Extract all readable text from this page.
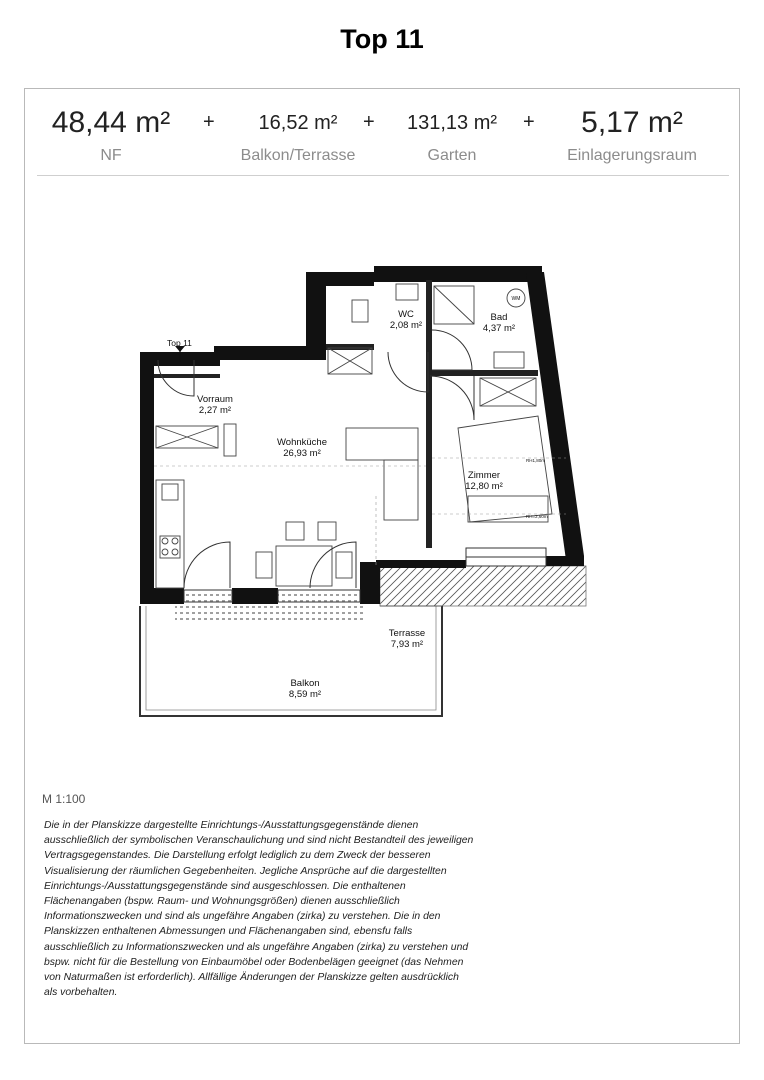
Top 11
48,44 m²
NF
+	16,52 m²
Balkon/Terrasse
+	131,13 m²
Garten
+	5,17 m²
Einlagerungsraum
Top 11
WC
2,08 m²
Bad
4,37 m²
WM
Vorraum
2,27 m²
Wohnküche
26,93 m²
Zimmer
12,80 m²
RH1,80m
RH=2,60m
Terrasse
7,93 m²
Balkon
8,59 m²
M 1:100
Die in der Planskizze dargestellte Einrichtungs-/Ausstattungsgegenstände dienen ausschließlich der symbolischen Veranschaulichung und sind nicht Bestandteil des jeweiligen Vertragsgegenstandes. Die Darstellung erfolgt lediglich zu dem Zweck der besseren Visualisierung der räumlichen Gegebenheiten. Jegliche Ansprüche auf die dargestellten Einrichtungs-/Ausstattungsgegenstände sind ausgeschlossen. Die enthaltenen Flächenangaben (bspw. Raum- und Wohnungsgrößen) dienen ausschließlich Informationszwecken und sind als ungefähre Angaben (zirka) zu verstehen. Die in den Planskizzen enthaltenen Abmessungen und Flächenangaben sind, ebensfu falls ausschließlich zu Informationszwecken und als ungefähre Angaben (zirka) zu verstehen und bspw. nicht für die Bestellung von Einbaumöbel oder Bodenbelägen geeignet (das Nehmen von Naturmaßen ist erforderlich). Allfällige Änderungen der Planskizze gelten ausdrücklich als vorbehalten.
